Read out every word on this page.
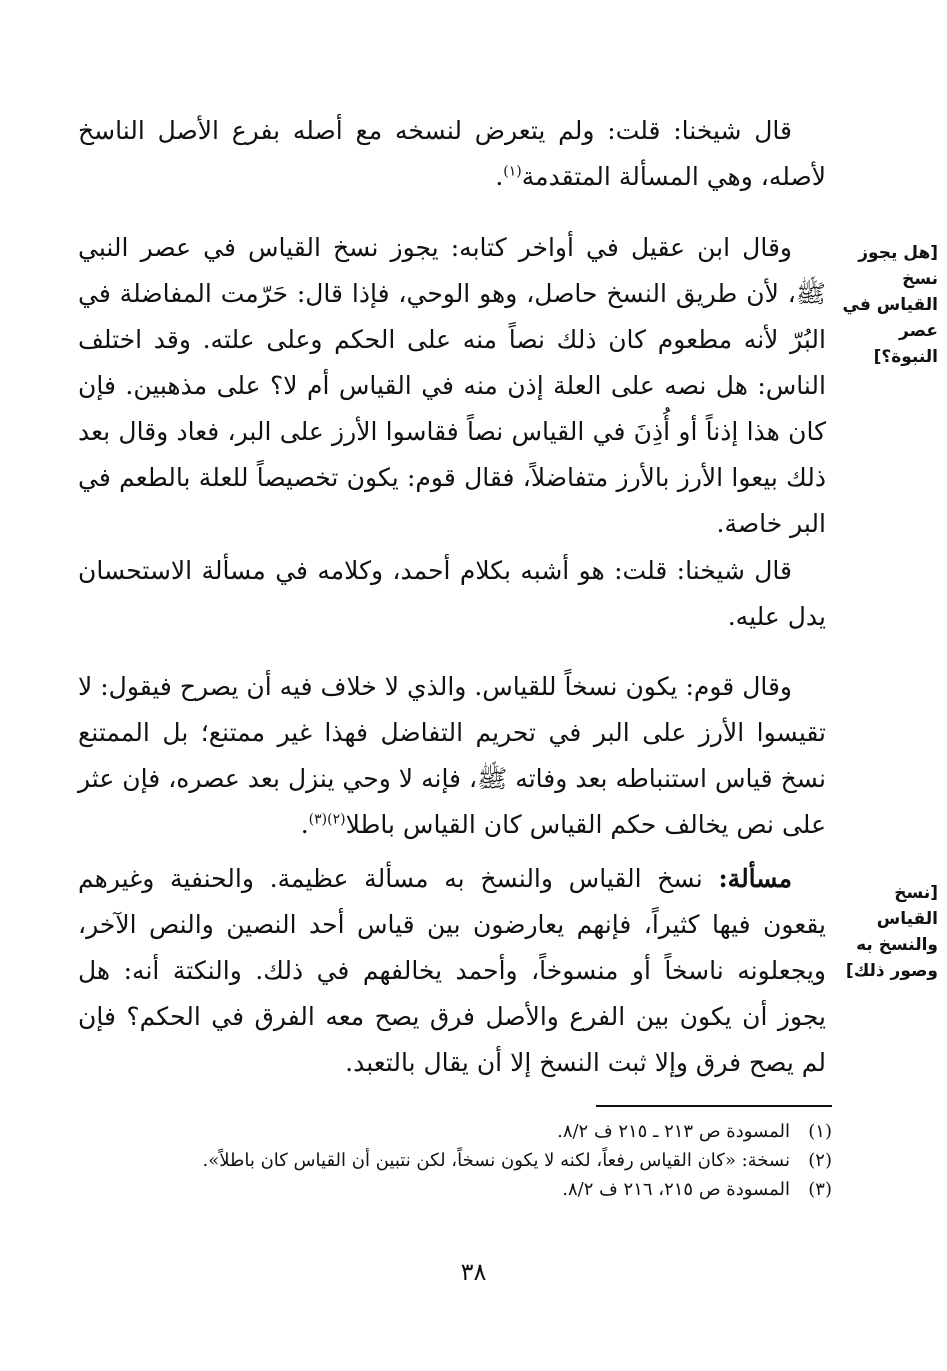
قال شيخنا: قلت: ولم يتعرض لنسخه مع أصله بفرع الأصل الناسخ لأصله، وهي المسألة المتقدمة$^{(١)}$.

وقال ابن عقيل في أواخر كتابه: يجوز نسخ القياس في عصر النبي ﷺ، لأن طريق النسخ حاصل، وهو الوحي، فإذا قال: حَرّمت المفاضلة في البُرّ لأنه مطعوم كان ذلك نصاً منه على الحكم وعلى علته. وقد اختلف الناس: هل نصه على العلة إذن منه في القياس أم لا؟ على مذهبين. فإن كان هذا إذناً أو أُذِنَ في القياس نصاً فقاسوا الأرز على البر، فعاد وقال بعد ذلك بيعوا الأرز بالأرز متفاضلاً، فقال قوم: يكون تخصيصاً للعلة بالطعم في البر خاصة.

قال شيخنا: قلت: هو أشبه بكلام أحمد، وكلامه في مسألة الاستحسان يدل عليه.

وقال قوم: يكون نسخاً للقياس. والذي لا خلاف فيه أن يصرح فيقول: لا تقيسوا الأرز على البر في تحريم التفاضل فهذا غير ممتنع؛ بل الممتنع نسخ قياس استنباطه بعد وفاته ﷺ، فإنه لا وحي ينزل بعد عصره، فإن عثر على نص يخالف حكم القياس كان القياس باطلا$^{(٢)(٣)}$.

مسألة: نسخ القياس والنسخ به مسألة عظيمة. والحنفية وغيرهم يقعون فيها كثيراً، فإنهم يعارضون بين قياس أحد النصين والنص الآخر، ويجعلونه ناسخاً أو منسوخاً، وأحمد يخالفهم في ذلك. والنكتة أنه: هل يجوز أن يكون بين الفرع والأصل فرق يصح معه الفرق في الحكم؟ فإن لم يصح فرق وإلا ثبت النسخ إلا أن يقال بالتعبد.

[هل يجوز
نسخ
القياس في
عصر
النبوة؟]
[نسخ
القياس
والنسخ به
وصور ذلك]
(١)المسودة ص ٢١٣ ـ ٢١٥ ف ٨/٢.
(٢)نسخة: «كان القياس رفعاً، لكنه لا يكون نسخاً، لكن نتبين أن القياس كان باطلاً».
(٣)المسودة ص ٢١٥، ٢١٦ ف ٨/٢.
٣٨
